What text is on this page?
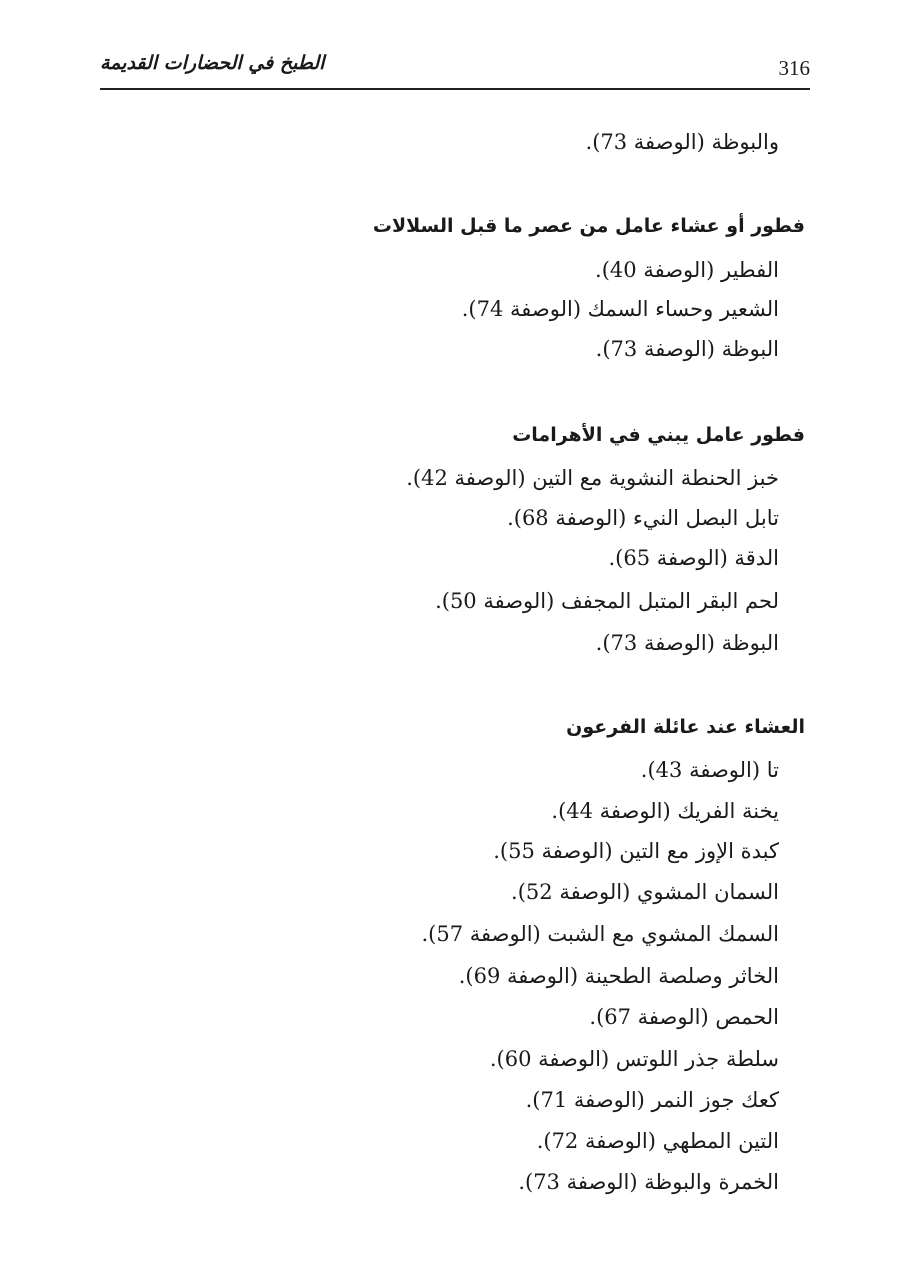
الطبخ في الحضارات القديمة	316
والبوظة (الوصفة 73).
فطور أو عشاء عامل من عصر ما قبل السلالات
الفطير (الوصفة 40).
الشعير وحساء السمك (الوصفة 74).
البوظة (الوصفة 73).
فطور عامل يبني في الأهرامات
خبز الحنطة النشوية مع التين (الوصفة 42).
تابل البصل النيء (الوصفة 68).
الدقة (الوصفة 65).
لحم البقر المتبل المجفف (الوصفة 50).
البوظة (الوصفة 73).
العشاء عند عائلة الفرعون
تا (الوصفة 43).
يخنة الفريك (الوصفة 44).
كبدة الإوز مع التين (الوصفة 55).
السمان المشوي (الوصفة 52).
السمك المشوي مع الشبت (الوصفة 57).
الخاثر وصلصة الطحينة (الوصفة 69).
الحمص (الوصفة 67).
سلطة جذر اللوتس (الوصفة 60).
كعك جوز النمر (الوصفة 71).
التين المطهي (الوصفة 72).
الخمرة والبوظة (الوصفة 73).
